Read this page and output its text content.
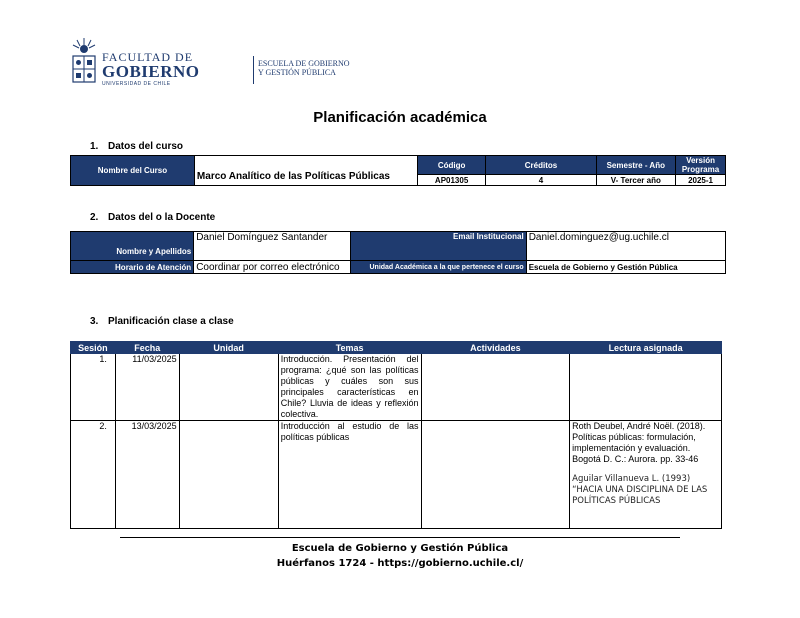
FACULTAD DE
GOBIERNO
UNIVERSIDAD DE CHILE
ESCUELA DE GOBIERNO
Y GESTIÓN PÚBLICA
Planificación académica
1. Datos del curso
Nombre del Curso	Marco Analítico de las Políticas Públicas	Código	Créditos	Semestre - Año	Versión Programa
		AP01305	4	V- Tercer año	2025-1
2. Datos del o la Docente
Nombre y Apellidos	Daniel Domínguez Santander	Email Institucional	Daniel.dominguez@ug.uchile.cl
Horario de Atención	Coordinar por correo electrónico	Unidad Académica a la que pertenece el curso	Escuela de Gobierno y Gestión Pública
3. Planificación clase a clase
Sesión	Fecha	Unidad	Temas	Actividades	Lectura asignada
1.	11/03/2025		Introducción. Presentación del programa: ¿qué son las políticas públicas y cuáles son sus principales características en Chile? Lluvia de ideas y reflexión colectiva.		

2.	13/03/2025		Introducción al estudio de las políticas públicas		Roth Deubel, André Noël. (2018). Políticas públicas: formulación, implementación y evaluación. Bogotá D. C.: Aurora. pp. 33-46
Aguilar Villanueva L. (1993) “HACIA UNA DISCIPLINA DE LAS POLÍTICAS PÚBLICAS
Escuela de Gobierno y Gestión Pública
Huérfanos 1724 - https://gobierno.uchile.cl/
